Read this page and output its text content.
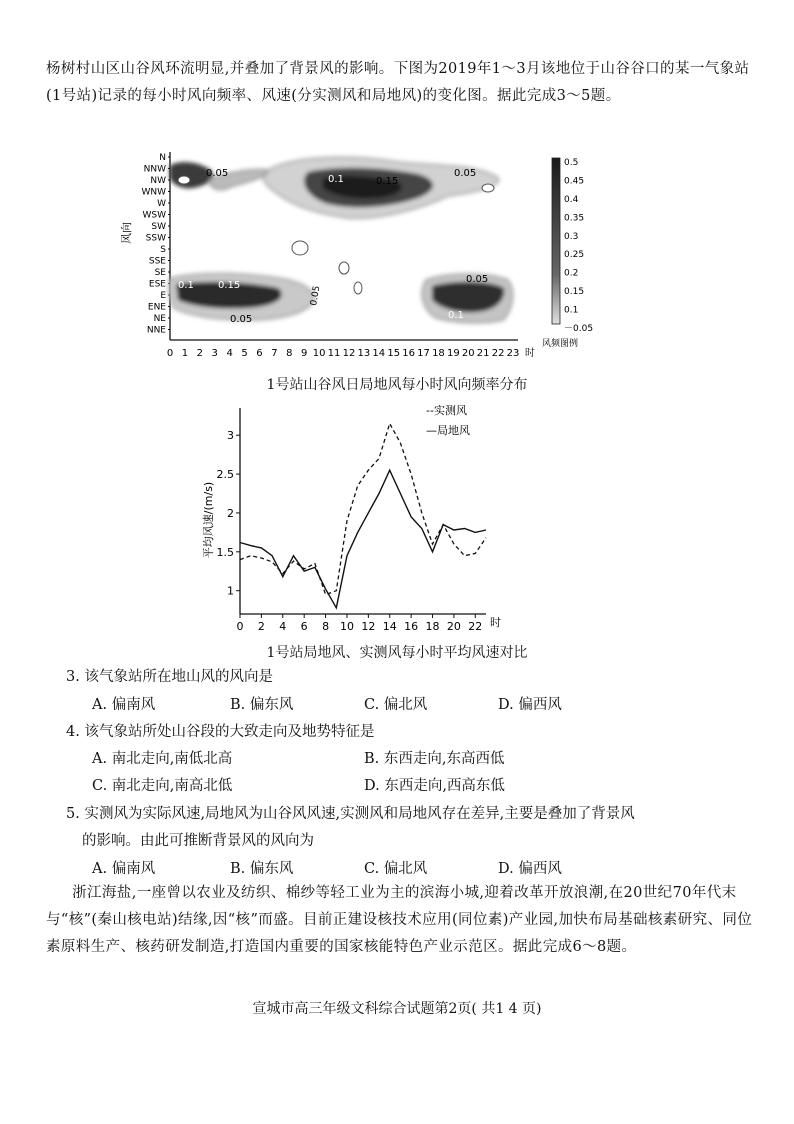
杨树村山区山谷风环流明显,并叠加了背景风的影响。下图为2019年1～3月该地位于山谷谷口的某一气象站(1号站)记录的每小时风向频率、风速(分实测风和局地风)的变化图。据此完成3～5题。
N
NNW
NW
WNW
W
WSW
SW
SSW
S
SSE
SE
ESE
E
ENE
NE
NNE
0 1 2 3 4 5 6 7 8 9 10 11 12 13 14 15 16 17 18 19 20 21 22 23 时
风向
0.05
0.1	0.15
0.05
0.1 0.15
0.05
0.05
0.05
0.1
0.5
0.45
0.4
0.35
0.3
0.25
0.2
0.15
0.1
－0.05
风频图例
1号站山谷风日局地风每小时风向频率分布
平均风速/(m/s)
1
1.5
2
2.5
3
0 2 4 6 8 10 12 14 16 18 20 22
--实测风
—局地风
时
1号站局地风、实测风每小时平均风速对比
3. 该气象站所在地山风的风向是
A. 偏南风	B. 偏东风	C. 偏北风	D. 偏西风
4. 该气象站所处山谷段的大致走向及地势特征是
A. 南北走向,南低北高	B. 东西走向,东高西低
C. 南北走向,南高北低	D. 东西走向,西高东低
5. 实测风为实际风速,局地风为山谷风风速,实测风和局地风存在差异,主要是叠加了背景风
的影响。由此可推断背景风的风向为
A. 偏南风	B. 偏东风	C. 偏北风	D. 偏西风
浙江海盐,一座曾以农业及纺织、棉纱等轻工业为主的滨海小城,迎着改革开放浪潮,在20世纪70年代末与“核”(秦山核电站)结缘,因“核”而盛。目前正建设核技术应用(同位素)产业园,加快布局基础核素研究、同位素原料生产、核药研发制造,打造国内重要的国家核能特色产业示范区。据此完成6～8题。
宣城市高三年级文科综合试题第2页( 共1 4 页)
